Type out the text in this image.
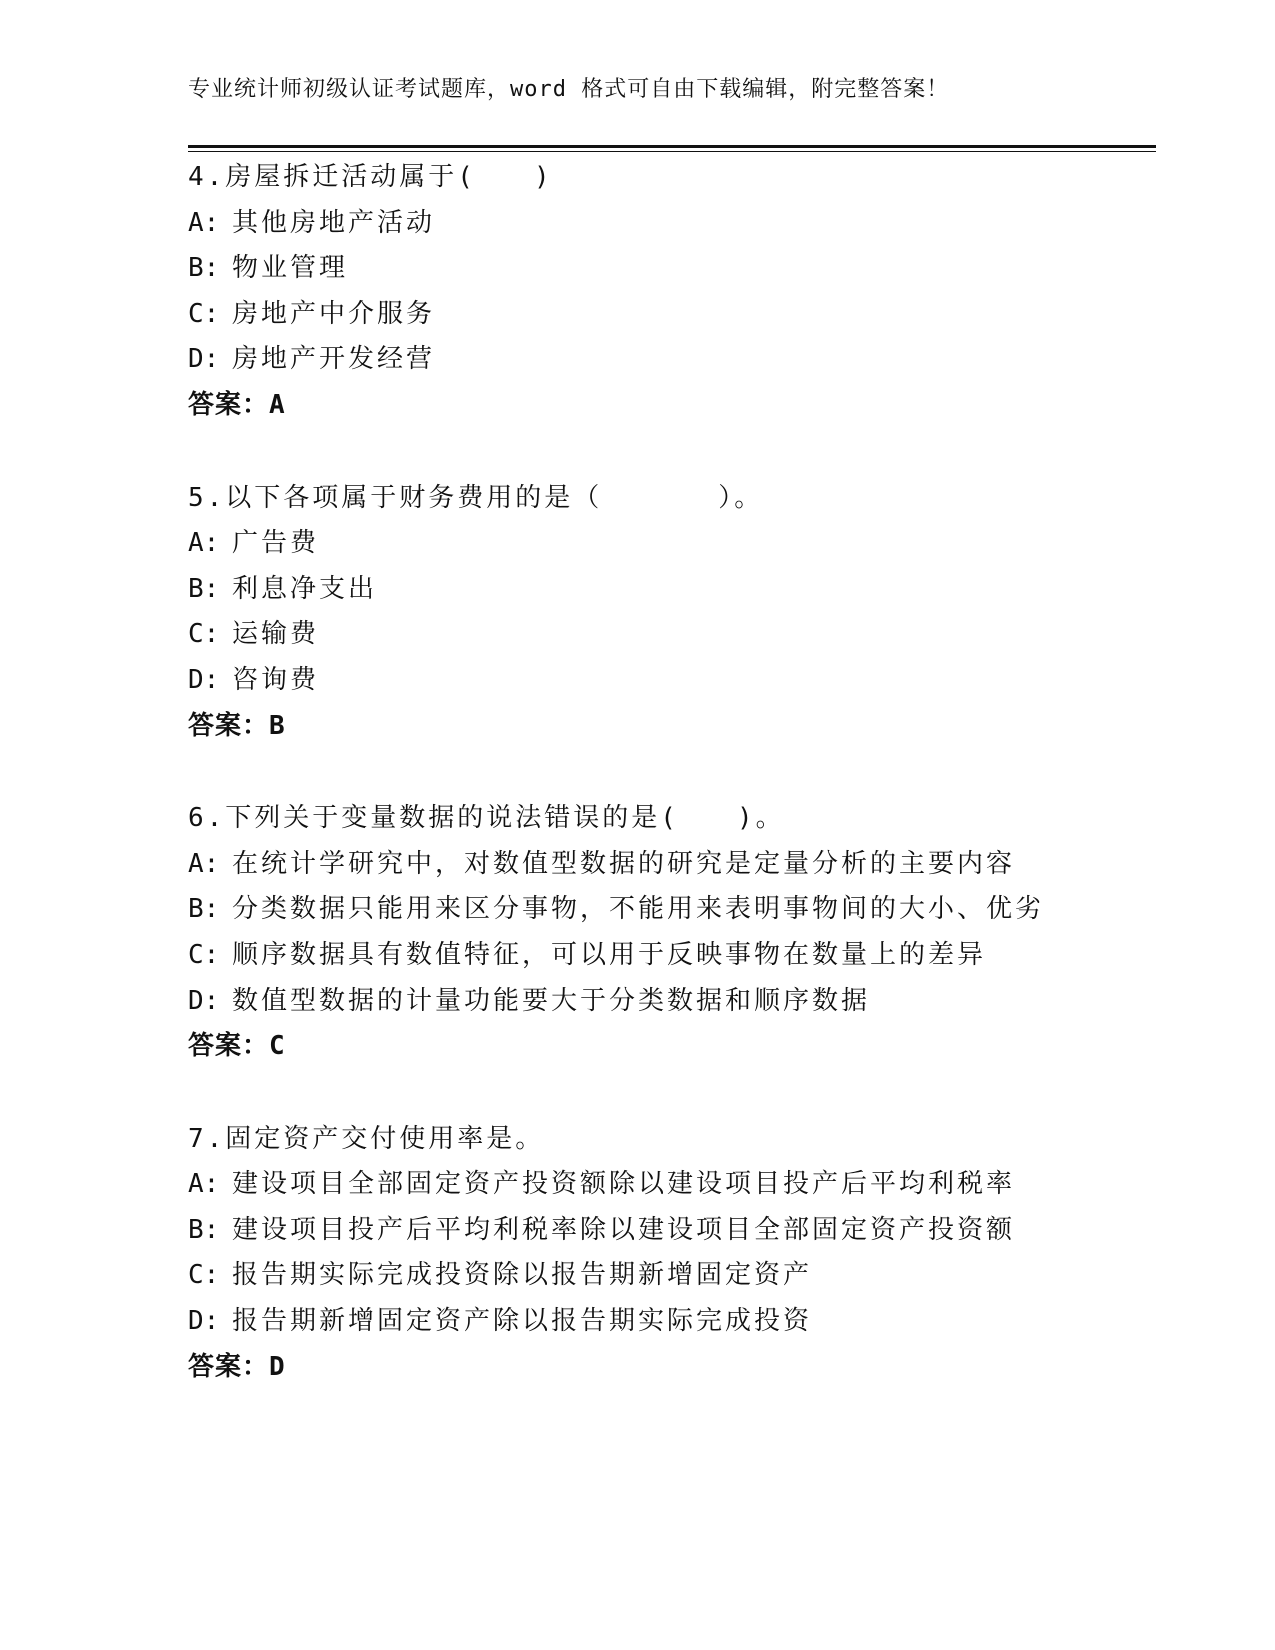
专业统计师初级认证考试题库，word 格式可自由下载编辑，附完整答案！
4.房屋拆迁活动属于(　　)
A: 其他房地产活动
B: 物业管理
C: 房地产中介服务
D: 房地产开发经营
答案：A
5.以下各项属于财务费用的是（　　　　）。
A: 广告费
B: 利息净支出
C: 运输费
D: 咨询费
答案：B
6.下列关于变量数据的说法错误的是(　　)。
A: 在统计学研究中，对数值型数据的研究是定量分析的主要内容
B: 分类数据只能用来区分事物，不能用来表明事物间的大小、优劣
C: 顺序数据具有数值特征，可以用于反映事物在数量上的差异
D: 数值型数据的计量功能要大于分类数据和顺序数据
答案：C
7.固定资产交付使用率是。
A: 建设项目全部固定资产投资额除以建设项目投产后平均利税率
B: 建设项目投产后平均利税率除以建设项目全部固定资产投资额
C: 报告期实际完成投资除以报告期新增固定资产
D: 报告期新增固定资产除以报告期实际完成投资
答案：D
